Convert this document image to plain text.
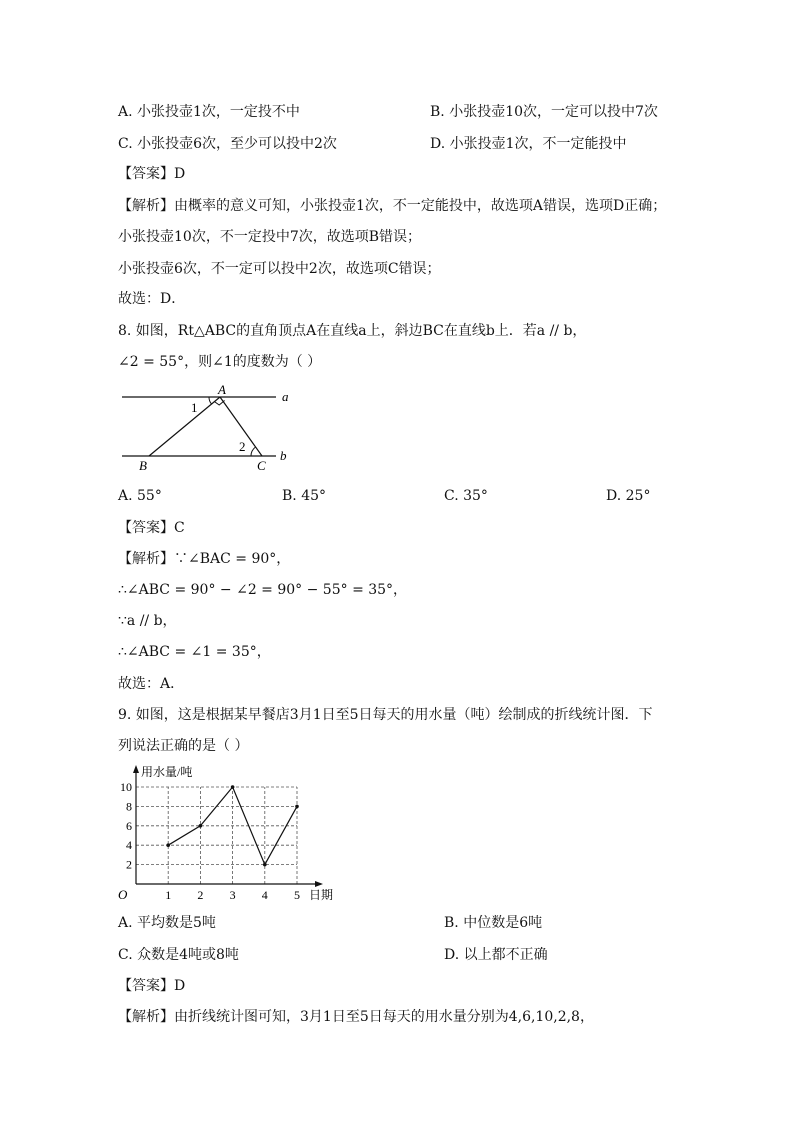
A. 小张投壶1次，一定投不中	B. 小张投壶10次，一定可以投中7次
C. 小张投壶6次，至少可以投中2次	D. 小张投壶1次，不一定能投中
【答案】D
【解析】由概率的意义可知，小张投壶1次，不一定能投中，故选项A错误，选项D正确；
小张投壶10次，不一定投中7次，故选项B错误；
小张投壶6次，不一定可以投中2次，故选项C错误；
故选：D．
8. 如图，Rt△ABC的直角顶点A在直线a上，斜边BC在直线b上．若a // b，
∠2 = 55°，则∠1的度数为（ ）
A
B	C
a
b
1
2
A. 55°	B. 45°	C. 35°	D. 25°
【答案】C
【解析】∵∠BAC = 90°，
∴∠ABC = 90° − ∠2 = 90° − 55° = 35°，
∵a // b，
∴∠ABC = ∠1 = 35°，
故选：A．
9. 如图，这是根据某早餐店3月1日至5日每天的用水量（吨）绘制成的折线统计图．下
列说法正确的是（ ）
1 2 3 4 5
2
4
6
8
10
O
用水量/吨
日期
A. 平均数是5吨	B. 中位数是6吨
C. 众数是4吨或8吨	D. 以上都不正确
【答案】D
【解析】由折线统计图可知，3月1日至5日每天的用水量分别为4,6,10,2,8，
